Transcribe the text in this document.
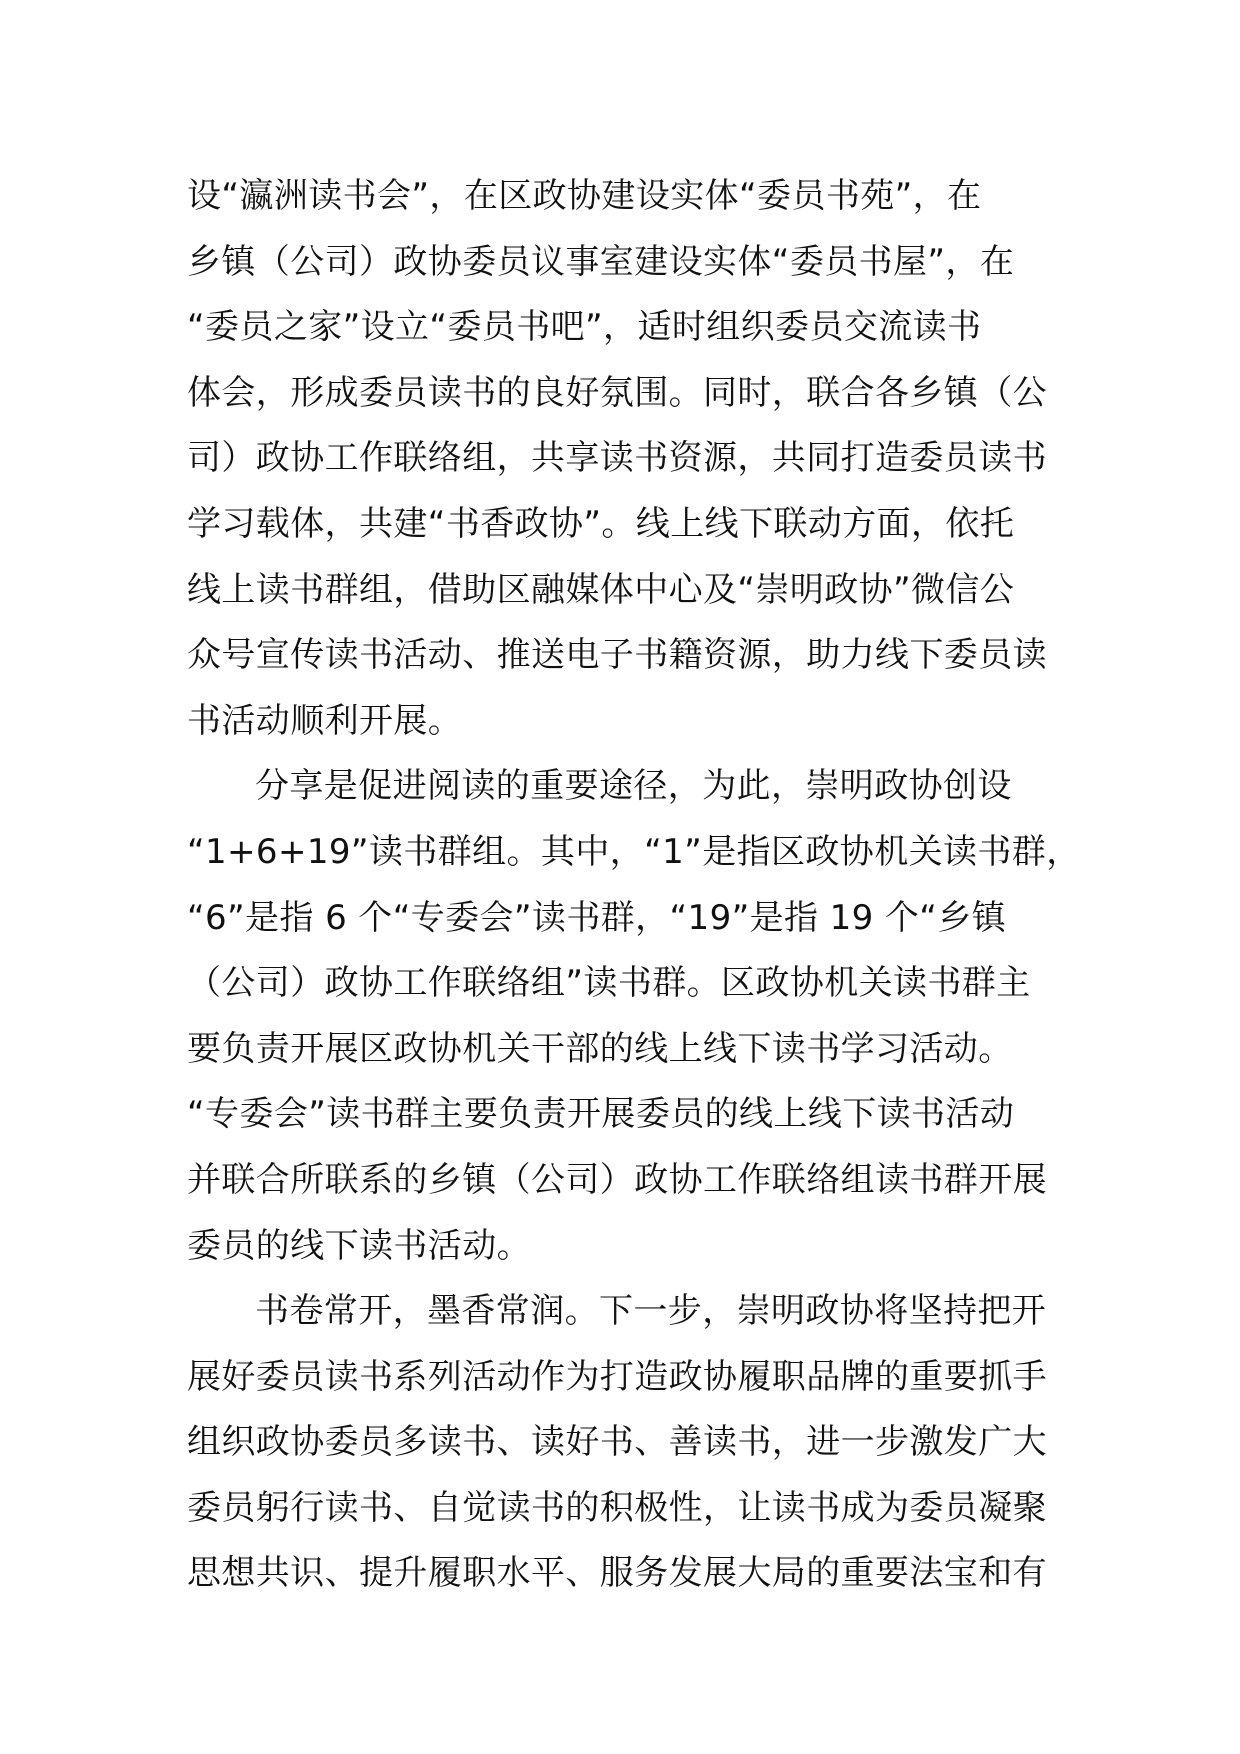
设“瀛洲读书会”，在区政协建设实体“委员书苑”，在
乡镇（公司）政协委员议事室建设实体“委员书屋”，在
“委员之家”设立“委员书吧”，适时组织委员交流读书
体会，形成委员读书的良好氛围。同时，联合各乡镇（公
司）政协工作联络组，共享读书资源，共同打造委员读书
学习载体，共建“书香政协”。线上线下联动方面，依托
线上读书群组，借助区融媒体中心及“崇明政协”微信公
众号宣传读书活动、推送电子书籍资源，助力线下委员读
书活动顺利开展。
分享是促进阅读的重要途径，为此，崇明政协创设
“1+6+19”读书群组。其中，“1”是指区政协机关读书群，
“6”是指 6 个“专委会”读书群，“19”是指 19 个“乡镇
（公司）政协工作联络组”读书群。区政协机关读书群主
要负责开展区政协机关干部的线上线下读书学习活动。
“专委会”读书群主要负责开展委员的线上线下读书活动
并联合所联系的乡镇（公司）政协工作联络组读书群开展
委员的线下读书活动。
书卷常开，墨香常润。下一步，崇明政协将坚持把开
展好委员读书系列活动作为打造政协履职品牌的重要抓手
组织政协委员多读书、读好书、善读书，进一步激发广大
委员躬行读书、自觉读书的积极性，让读书成为委员凝聚
思想共识、提升履职水平、服务发展大局的重要法宝和有
